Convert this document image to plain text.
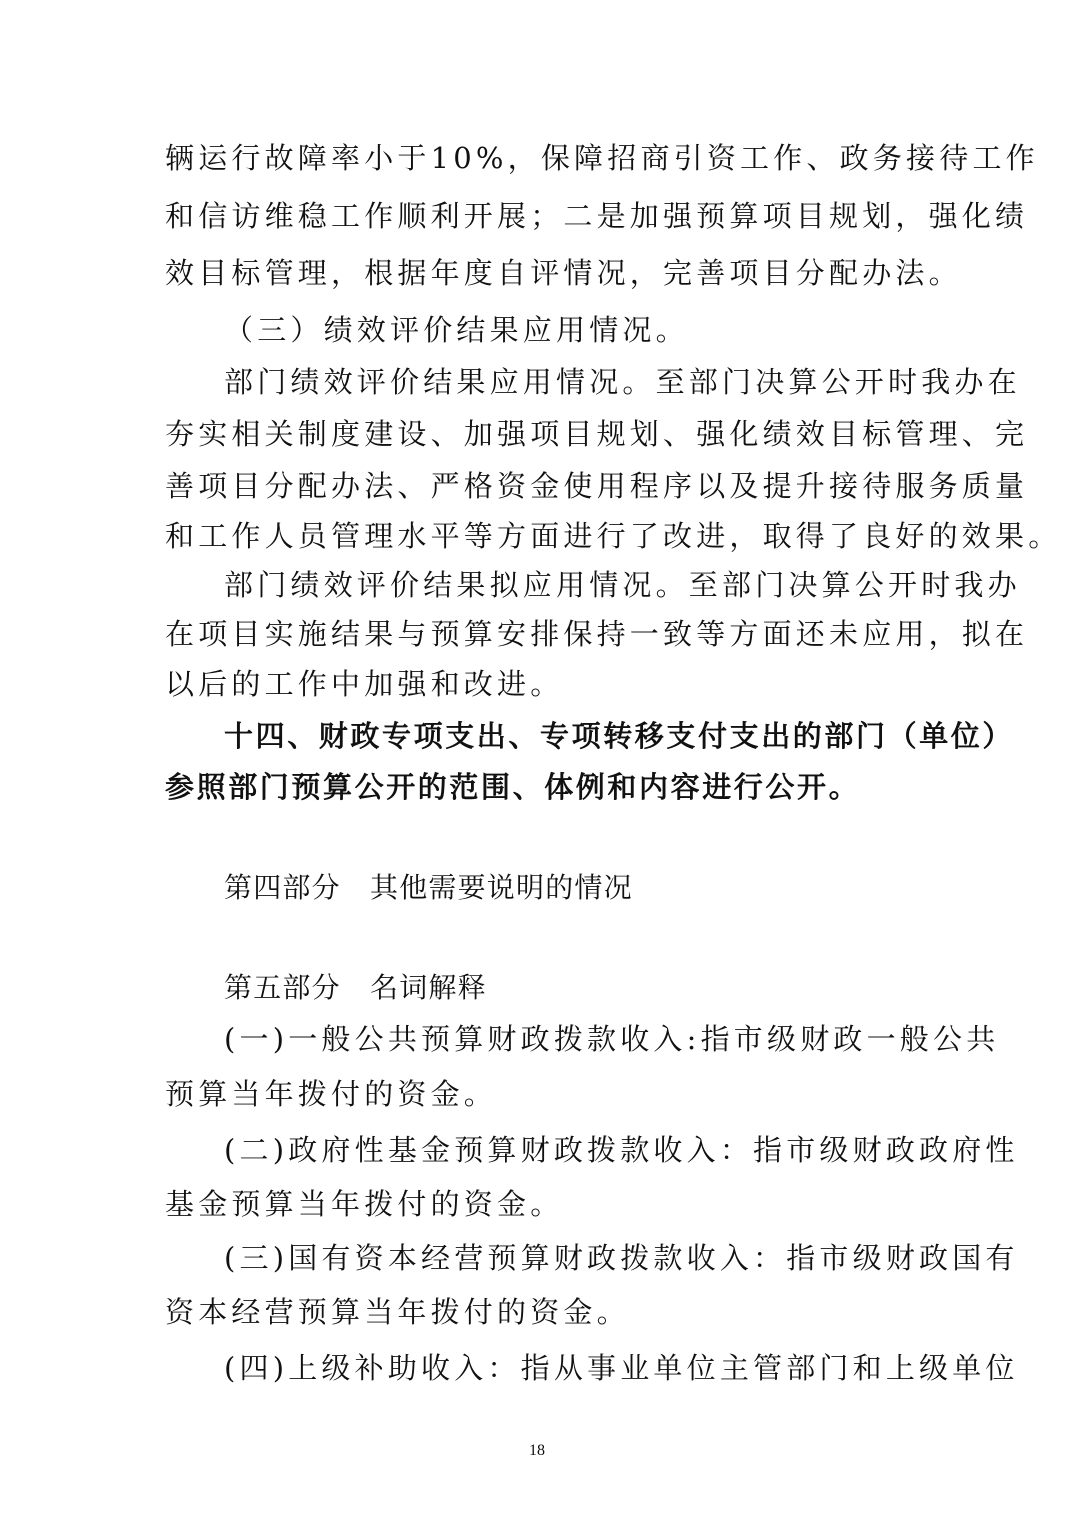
辆运行故障率小于10%，保障招商引资工作、政务接待工作

和信访维稳工作顺利开展；二是加强预算项目规划，强化绩

效目标管理，根据年度自评情况，完善项目分配办法。

（三）绩效评价结果应用情况。

部门绩效评价结果应用情况。至部门决算公开时我办在

夯实相关制度建设、加强项目规划、强化绩效目标管理、完

善项目分配办法、严格资金使用程序以及提升接待服务质量

和工作人员管理水平等方面进行了改进，取得了良好的效果。

部门绩效评价结果拟应用情况。至部门决算公开时我办

在项目实施结果与预算安排保持一致等方面还未应用，拟在

以后的工作中加强和改进。

十四、财政专项支出、专项转移支付支出的部门（单位）

参照部门预算公开的范围、体例和内容进行公开。

第四部分　其他需要说明的情况

第五部分　名词解释

(一)一般公共预算财政拨款收入:指市级财政一般公共

预算当年拨付的资金。

(二)政府性基金预算财政拨款收入：指市级财政政府性

基金预算当年拨付的资金。

(三)国有资本经营预算财政拨款收入：指市级财政国有

资本经营预算当年拨付的资金。

(四)上级补助收入：指从事业单位主管部门和上级单位

18
